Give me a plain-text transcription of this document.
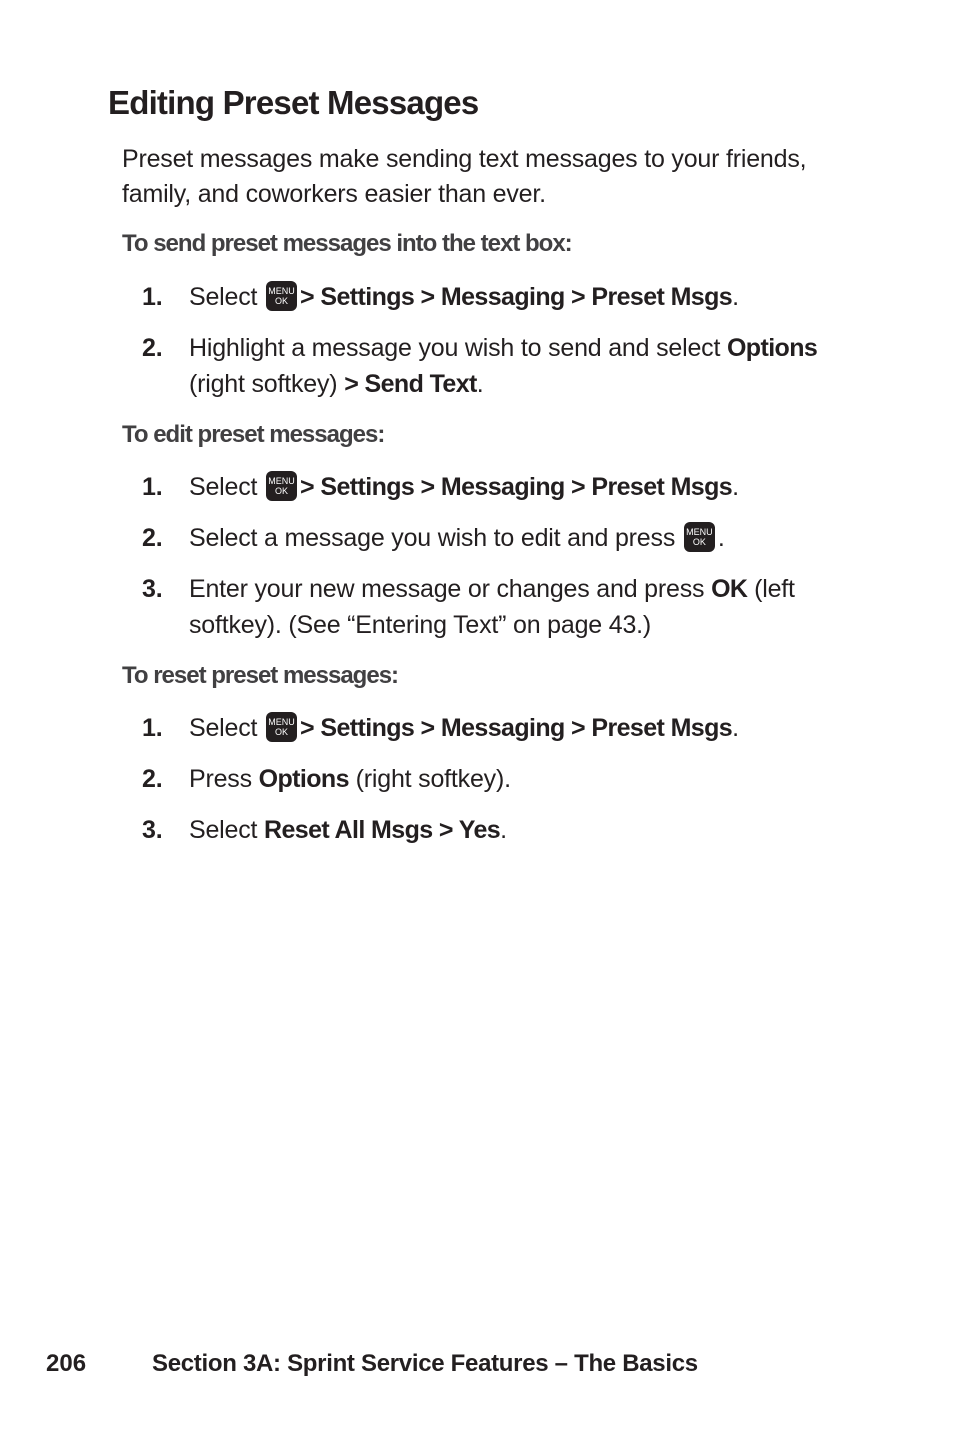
Editing Preset Messages

Preset messages make sending text messages to your friends, family, and coworkers easier than ever.

To send preset messages into the text box:

1. Select MENU
OK > Settings > Messaging > Preset Msgs.
2. Highlight a message you wish to send and select Options (right softkey) > Send Text.

To edit preset messages:

1. Select MENU
OK > Settings > Messaging > Preset Msgs.
2. Select a message you wish to edit and press MENU
OK .
3. Enter your new message or changes and press OK (left softkey). (See “Entering Text” on page 43.)

To reset preset messages:

1. Select MENU
OK > Settings > Messaging > Preset Msgs.
2. Press Options (right softkey).
3. Select Reset All Msgs > Yes.
206	Section 3A: Sprint Service Features – The Basics
